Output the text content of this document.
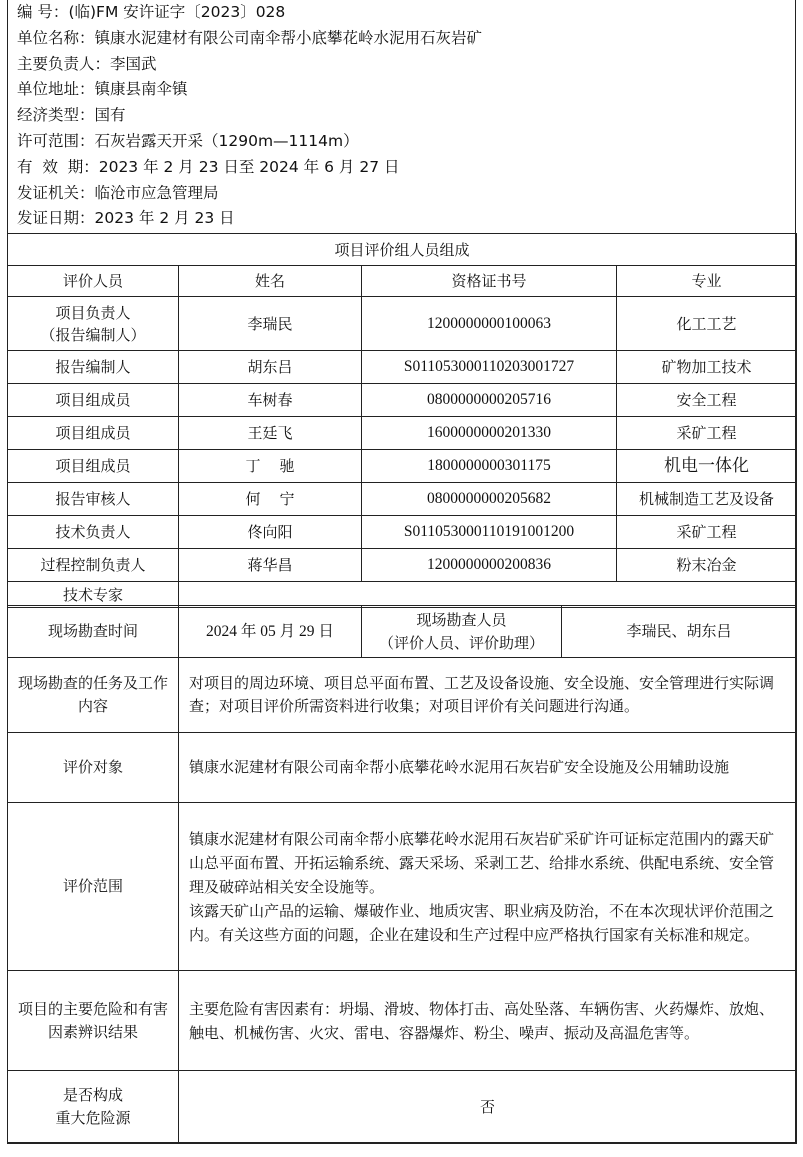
编 号：(临)FM 安许证字〔2023〕028
单位名称：镇康水泥建材有限公司南伞帮小底攀花岭水泥用石灰岩矿
主要负责人：李国武
单位地址：镇康县南伞镇
经济类型：国有
许可范围：石灰岩露天开采（1290m—1114m）
有  效  期：2023 年 2 月 23 日至 2024 年 6 月 27 日
发证机关：临沧市应急管理局
发证日期：2023 年 2 月 23 日
项目评价组人员组成			
评价人员	姓名	资格证书号	专业

项目负责人
（报告编制人）	李瑞民	1200000000100063	化工工艺
报告编制人	胡东吕	S011053000110203001727	矿物加工技术
项目组成员	车树春	0800000000205716	安全工程
项目组成员	王廷飞	1600000000201330	采矿工程
项目组成员	丁    驰	1800000000301175	机电一体化
报告审核人	何    宁	0800000000205682	机械制造工艺及设备
技术负责人	佟向阳	S011053000110191001200	采矿工程
过程控制负责人	蒋华昌	1200000000200836	粉末冶金
技术专家			
现场勘查时间	2024 年 05 月 29 日	现场勘查人员
（评价人员、评价助理）	李瑞民、胡东吕
现场勘查的任务及工作内容	对项目的周边环境、项目总平面布置、工艺及设备设施、安全设施、安全管理进行实际调查；对项目评价所需资料进行收集；对项目评价有关问题进行沟通。		
评价对象	镇康水泥建材有限公司南伞帮小底攀花岭水泥用石灰岩矿安全设施及公用辅助设施		
评价范围	镇康水泥建材有限公司南伞帮小底攀花岭水泥用石灰岩矿采矿许可证标定范围内的露天矿山总平面布置、开拓运输系统、露天采场、采剥工艺、给排水系统、供配电系统、安全管理及破碎站相关安全设施等。
该露天矿山产品的运输、爆破作业、地质灾害、职业病及防治，不在本次现状评价范围之内。有关这些方面的问题，企业在建设和生产过程中应严格执行国家有关标准和规定。		

项目的主要危险和有害因素辨识结果	主要危险有害因素有：坍塌、滑坡、物体打击、高处坠落、车辆伤害、火药爆炸、放炮、触电、机械伤害、火灾、雷电、容器爆炸、粉尘、噪声、振动及高温危害等。		

是否构成
重大危险源	否		
